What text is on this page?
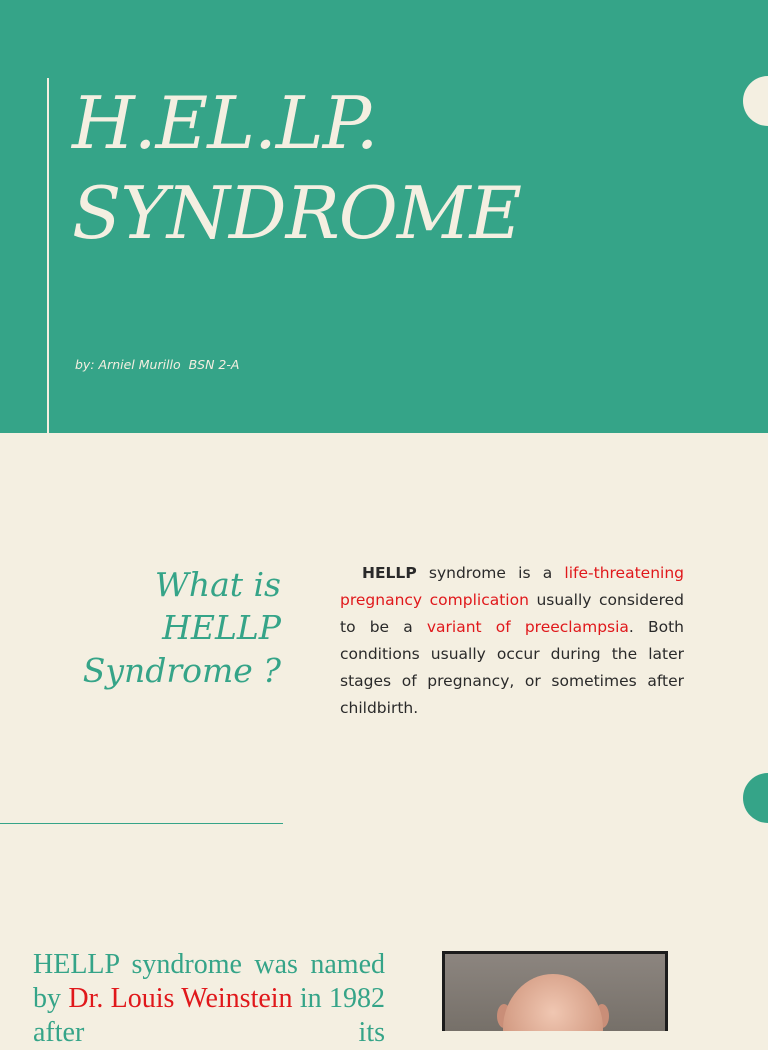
H.EL.LP.
SYNDROME
by: Arniel Murillo  BSN 2-A
What is
HELLP
Syndrome ?

HELLP syndrome is a life-threatening pregnancy complication usually considered to be a variant of preeclampsia. Both conditions usually occur during the later stages of pregnancy, or sometimes after childbirth.

HELLP syndrome was named by Dr. Louis Weinstein in 1982 after its
